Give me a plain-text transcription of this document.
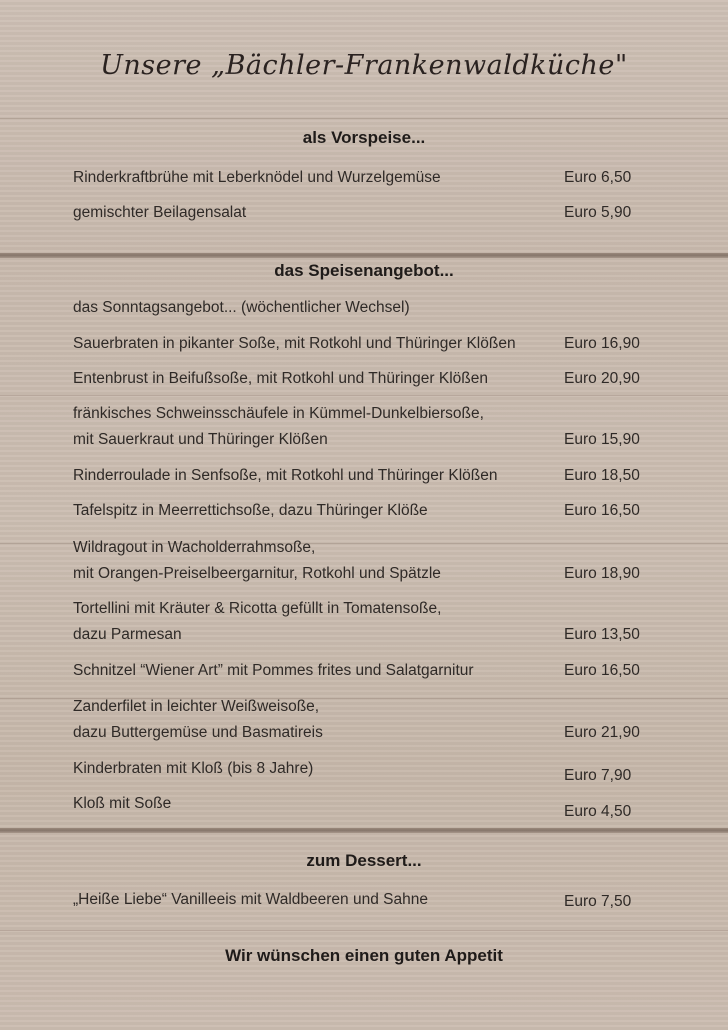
Unsere „Bächler-Frankenwaldküche"
als Vorspeise...
Rinderkraftbrühe mit Leberknödel und Wurzelgemüse	Euro 6,50
gemischter Beilagensalat	Euro 5,90
das Speisenangebot...
das Sonntagsangebot... (wöchentlicher Wechsel)
Sauerbraten in pikanter Soße, mit Rotkohl und Thüringer Klößen	Euro 16,90
Entenbrust in Beifußsoße, mit Rotkohl und Thüringer Klößen	Euro 20,90
fränkisches Schweinsschäufele in Kümmel-Dunkelbiersoße,
mit Sauerkraut und Thüringer Klößen	Euro 15,90
Rinderroulade in Senfsoße, mit Rotkohl und Thüringer Klößen	Euro 18,50
Tafelspitz in Meerrettichsoße, dazu Thüringer Klöße	Euro 16,50
Wildragout in Wacholderrahmsoße,
mit Orangen-Preiselbeergarnitur, Rotkohl und Spätzle	Euro 18,90
Tortellini mit Kräuter & Ricotta gefüllt in Tomatensoße,
dazu Parmesan	Euro 13,50
Schnitzel “Wiener Art” mit Pommes frites und Salatgarnitur	Euro 16,50
Zanderfilet in leichter Weißweisoße,
dazu Buttergemüse und Basmatireis	Euro 21,90
Kinderbraten mit Kloß (bis 8 Jahre)	Euro 7,90
Kloß mit Soße	Euro 4,50
zum Dessert...
„Heiße Liebe“ Vanilleeis mit Waldbeeren und Sahne	Euro 7,50
Wir wünschen einen guten Appetit
